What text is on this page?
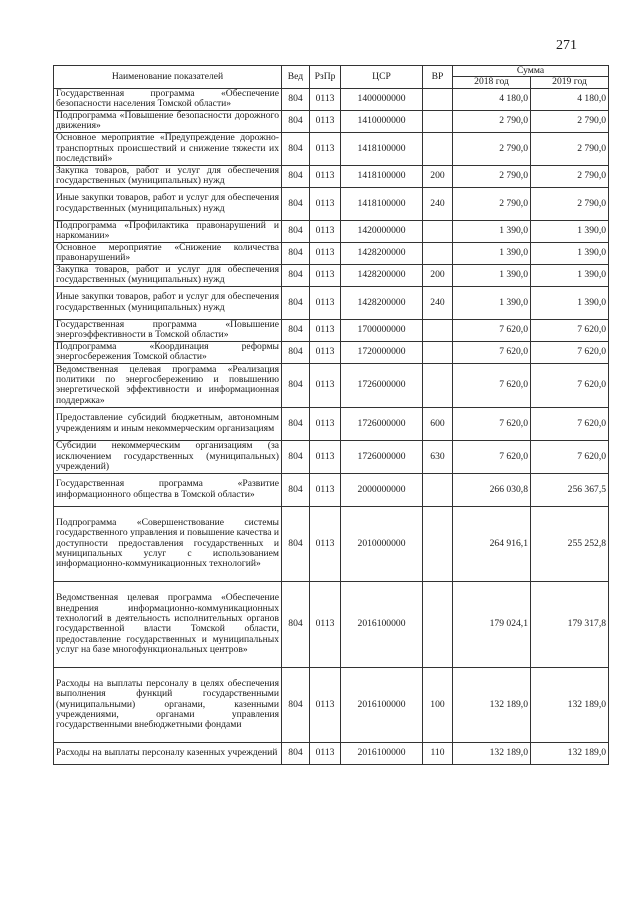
271
Наименование показателей	Вед	РзПр	ЦСР	ВР	Сумма	
					2018 год	2019 год
Государственная программа «Обеспечение безопасности населения Томской области»	804	0113	1400000000		4 180,0	4 180,0
Подпрограмма «Повышение безопасности дорожного движения»	804	0113	1410000000		2 790,0	2 790,0
Основное мероприятие «Предупреждение дорожно-транспортных происшествий и снижение тяжести их последствий»	804	0113	1418100000		2 790,0	2 790,0
Закупка товаров, работ и услуг для обеспечения государственных (муниципальных) нужд	804	0113	1418100000	200	2 790,0	2 790,0
Иные закупки товаров, работ и услуг для обеспечения государственных (муниципальных) нужд	804	0113	1418100000	240	2 790,0	2 790,0
Подпрограмма «Профилактика правонарушений и наркомании»	804	0113	1420000000		1 390,0	1 390,0
Основное мероприятие «Снижение количества правонарушений»	804	0113	1428200000		1 390,0	1 390,0
Закупка товаров, работ и услуг для обеспечения государственных (муниципальных) нужд	804	0113	1428200000	200	1 390,0	1 390,0
Иные закупки товаров, работ и услуг для обеспечения государственных (муниципальных) нужд	804	0113	1428200000	240	1 390,0	1 390,0
Государственная программа «Повышение энергоэффективности в Томской области»	804	0113	1700000000		7 620,0	7 620,0
Подпрограмма «Координация реформы энергосбережения Томской области»	804	0113	1720000000		7 620,0	7 620,0
Ведомственная целевая программа «Реализация политики по энергосбережению и повышению энергетической эффективности и информационная поддержка»	804	0113	1726000000		7 620,0	7 620,0
Предоставление субсидий бюджетным, автономным учреждениям и иным некоммерческим организациям	804	0113	1726000000	600	7 620,0	7 620,0
Субсидии некоммерческим организациям (за исключением государственных (муниципальных) учреждений)	804	0113	1726000000	630	7 620,0	7 620,0
Государственная программа «Развитие информационного общества в Томской области»	804	0113	2000000000		266 030,8	256 367,5
Подпрограмма «Совершенствование системы государственного управления и повышение качества и доступности предоставления государственных и муниципальных услуг с использованием информационно-коммуникационных технологий»	804	0113	2010000000		264 916,1	255 252,8
Ведомственная целевая программа «Обеспечение внедрения информационно-коммуникационных технологий в деятельность исполнительных органов государственной власти Томской области, предоставление государственных и муниципальных услуг на базе многофункциональных центров»	804	0113	2016100000		179 024,1	179 317,8
Расходы на выплаты персоналу в целях обеспечения выполнения функций государственными (муниципальными) органами, казенными учреждениями, органами управления государственными внебюджетными фондами	804	0113	2016100000	100	132 189,0	132 189,0
Расходы на выплаты персоналу казенных учреждений	804	0113	2016100000	110	132 189,0	132 189,0
